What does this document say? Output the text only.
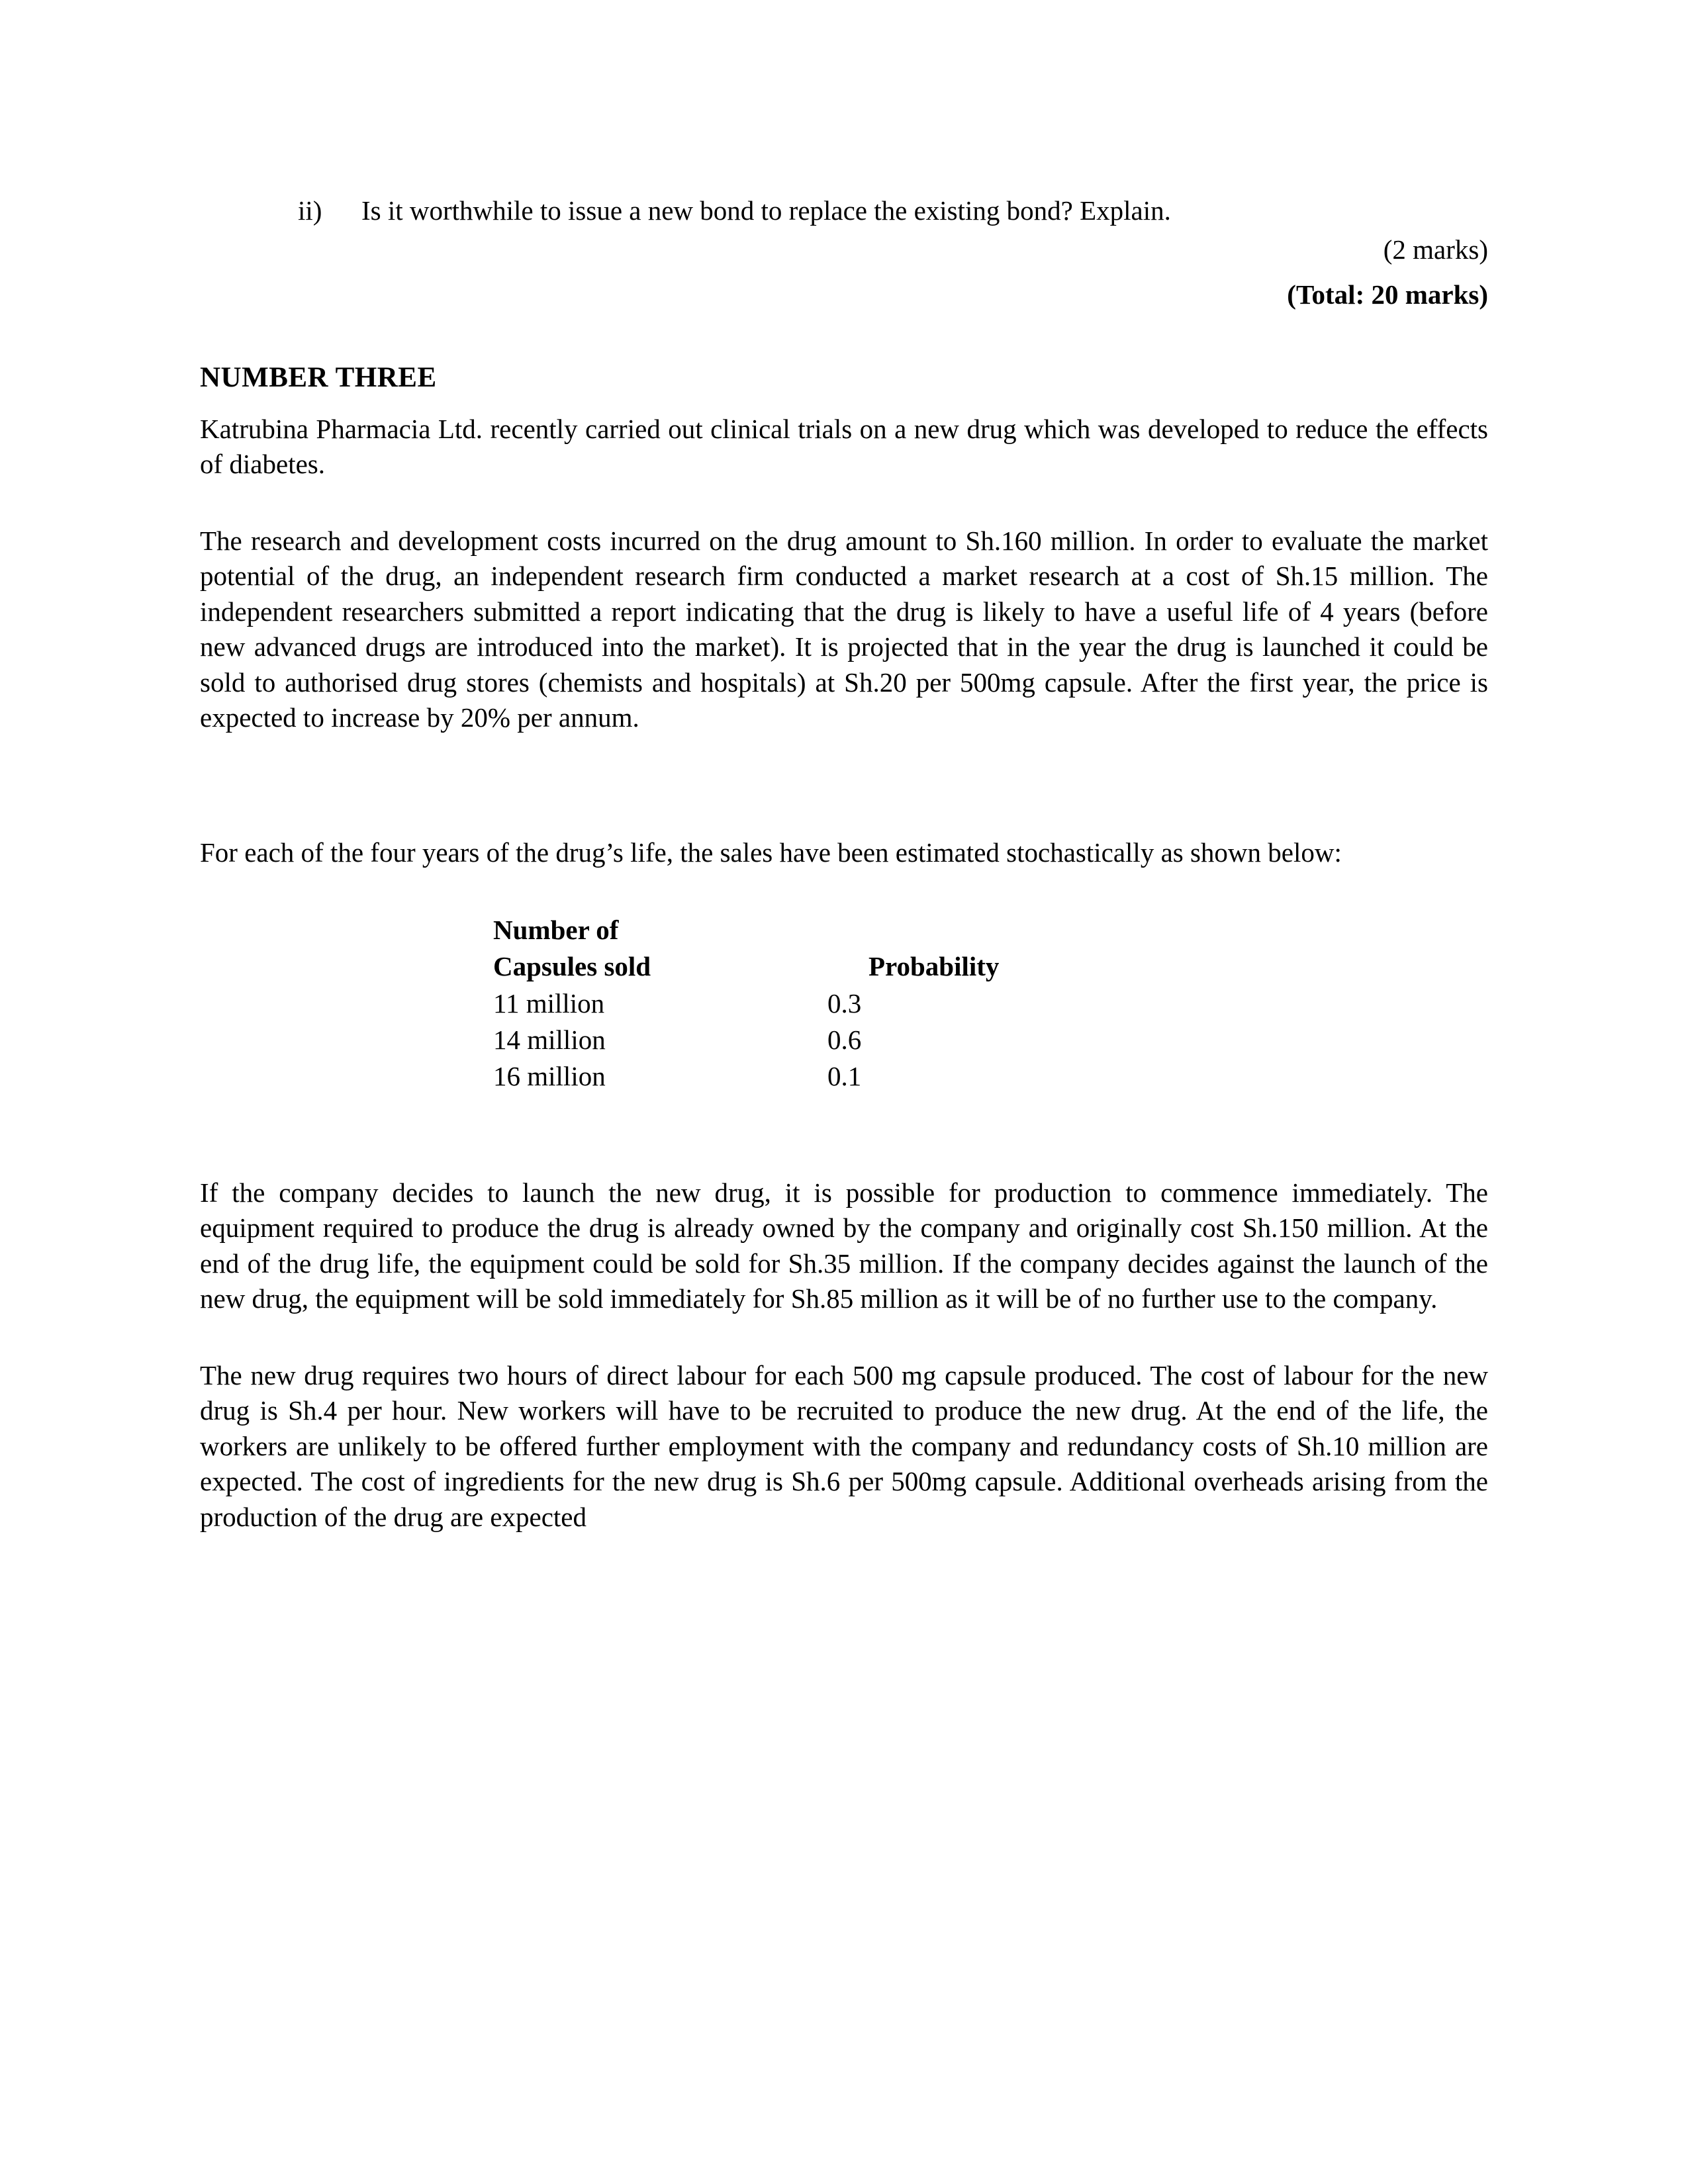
ii)	Is it worthwhile to issue a new bond to replace the existing bond? Explain.
(2 marks)
(Total: 20 marks)
NUMBER THREE

Katrubina Pharmacia Ltd. recently carried out clinical trials on a new drug which was developed to reduce the effects of diabetes.

The research and development costs incurred on the drug amount to Sh.160 million. In order to evaluate the market potential of the drug, an independent research firm conducted a market research at a cost of Sh.15 million. The independent researchers submitted a report indicating that the drug is likely to have a useful life of 4 years (before new advanced drugs are introduced into the market). It is projected that in the year the drug is launched it could be sold to authorised drug stores (chemists and hospitals) at Sh.20 per 500mg capsule. After the first year, the price is expected to increase by 20% per annum.

For each of the four years of the drug’s life, the sales have been estimated stochastically as shown below:

Number of	
Capsules sold	Probability
11 million	0.3
14 million	0.6
16 million	0.1

If the company decides to launch the new drug, it is possible for production to commence immediately. The equipment required to produce the drug is already owned by the company and originally cost Sh.150 million. At the end of the drug life, the equipment could be sold for Sh.35 million. If the company decides against the launch of the new drug, the equipment will be sold immediately for Sh.85 million as it will be of no further use to the company.

The new drug requires two hours of direct labour for each 500 mg capsule produced. The cost of labour for the new drug is Sh.4 per hour. New workers will have to be recruited to produce the new drug. At the end of the life, the workers are unlikely to be offered further employment with the company and redundancy costs of Sh.10 million are expected. The cost of ingredients for the new drug is Sh.6 per 500mg capsule. Additional overheads arising from the production of the drug are expected
